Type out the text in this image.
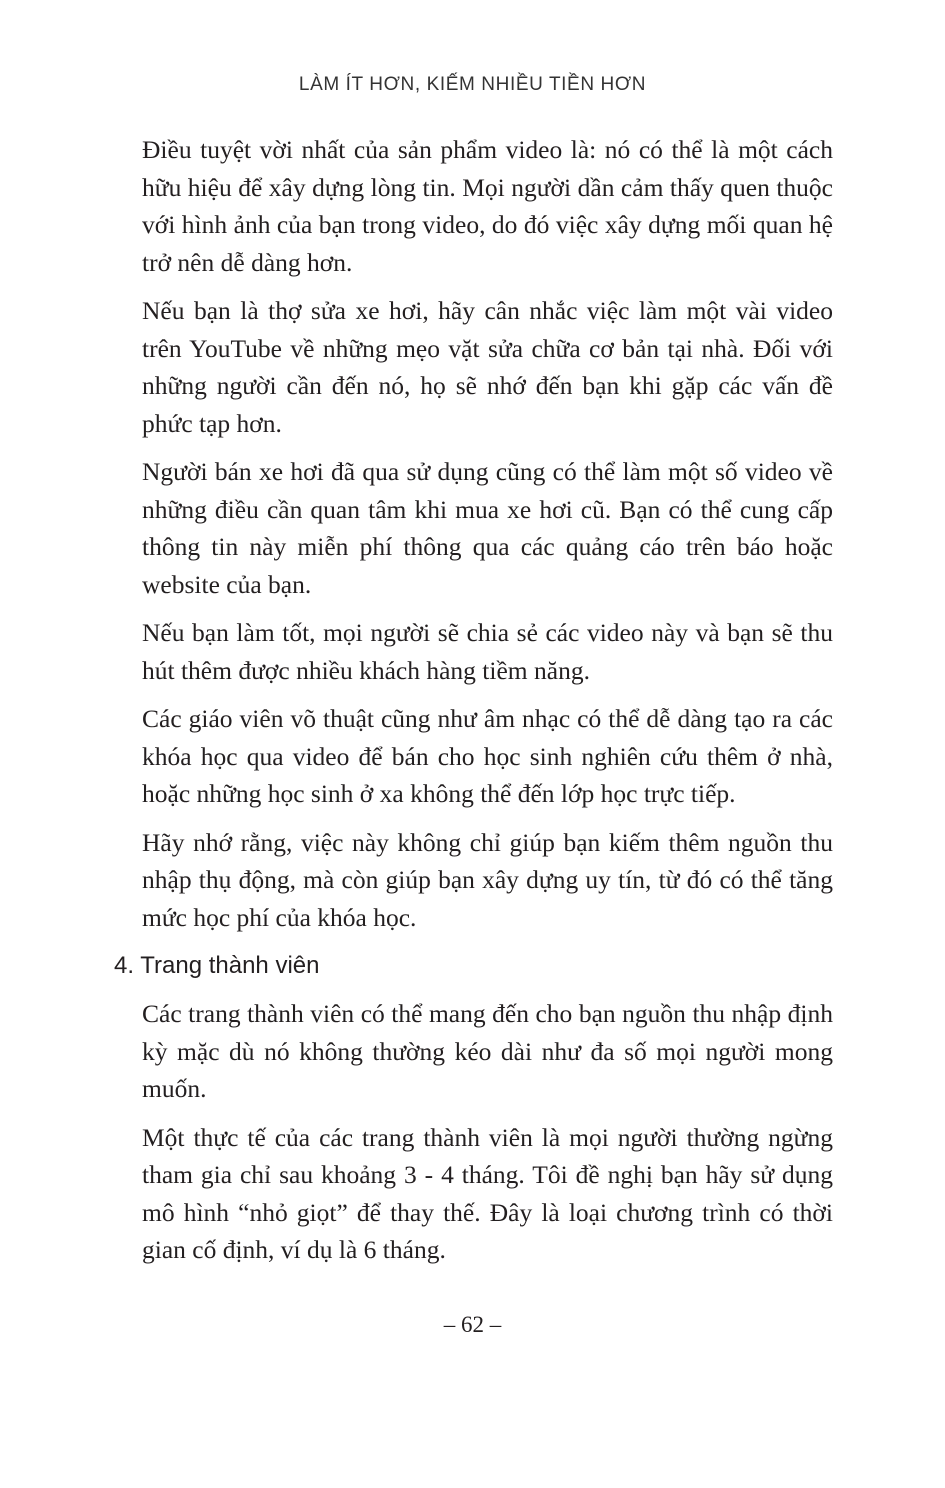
LÀM ÍT HƠN, KIẾM NHIỀU TIỀN HƠN

Điều tuyệt vời nhất của sản phẩm video là: nó có thể là một cách hữu hiệu để xây dựng lòng tin. Mọi người dần cảm thấy quen thuộc với hình ảnh của bạn trong video, do đó việc xây dựng mối quan hệ trở nên dễ dàng hơn.

Nếu bạn là thợ sửa xe hơi, hãy cân nhắc việc làm một vài video trên YouTube về những mẹo vặt sửa chữa cơ bản tại nhà. Đối với những người cần đến nó, họ sẽ nhớ đến bạn khi gặp các vấn đề phức tạp hơn.

Người bán xe hơi đã qua sử dụng cũng có thể làm một số video về những điều cần quan tâm khi mua xe hơi cũ. Bạn có thể cung cấp thông tin này miễn phí thông qua các quảng cáo trên báo hoặc website của bạn.

Nếu bạn làm tốt, mọi người sẽ chia sẻ các video này và bạn sẽ thu hút thêm được nhiều khách hàng tiềm năng.

Các giáo viên võ thuật cũng như âm nhạc có thể dễ dàng tạo ra các khóa học qua video để bán cho học sinh nghiên cứu thêm ở nhà, hoặc những học sinh ở xa không thể đến lớp học trực tiếp.

Hãy nhớ rằng, việc này không chỉ giúp bạn kiếm thêm nguồn thu nhập thụ động, mà còn giúp bạn xây dựng uy tín, từ đó có thể tăng mức học phí của khóa học.

4. Trang thành viên

Các trang thành viên có thể mang đến cho bạn nguồn thu nhập định kỳ mặc dù nó không thường kéo dài như đa số mọi người mong muốn.

Một thực tế của các trang thành viên là mọi người thường ngừng tham gia chỉ sau khoảng 3 - 4 tháng. Tôi đề nghị bạn hãy sử dụng mô hình “nhỏ giọt” để thay thế. Đây là loại chương trình có thời gian cố định, ví dụ là 6 tháng.

– 62 –
